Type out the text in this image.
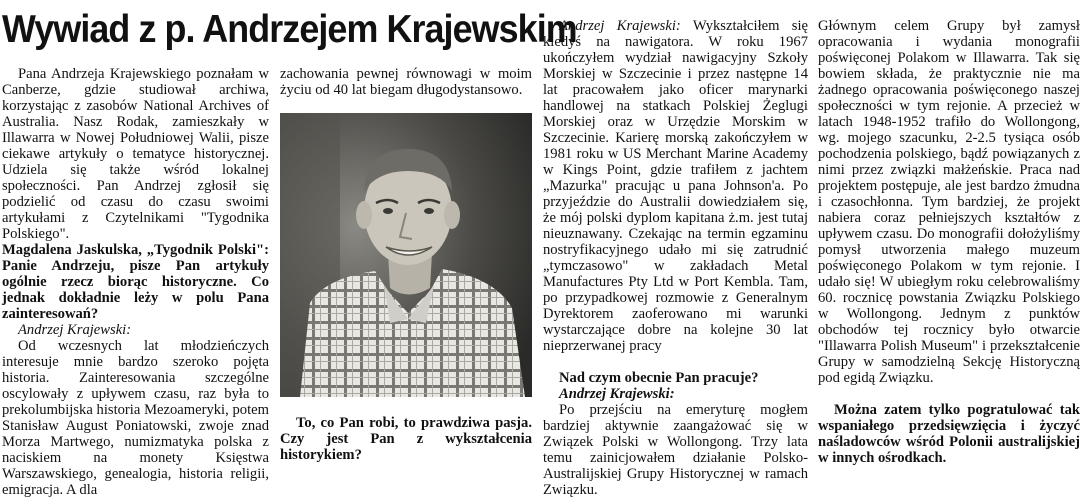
Wywiad z p. Andrzejem Krajewskim

Pana Andrzeja Krajewskiego poznałam w Canberze, gdzie studiował archiwa, korzystając z zasobów National Archives of Australia. Nasz Rodak, zamieszkały w Illawarra w Nowej Południowej Walii, pisze ciekawe artykuły o tematyce historycznej. Udziela się także wśród lokalnej społeczności. Pan Andrzej zgłosił się podzielić od czasu do czasu swoimi artykułami z Czytelnikami "Tygodnika Polskiego".

Magdalena Jaskulska, „Tygodnik Polski": Panie Andrzeju, pisze Pan artykuły ogólnie rzecz biorąc historyczne. Co jednak dokładnie leży w polu Pana zainteresowań?

Andrzej Krajewski:

Od wczesnych lat młodzieńczych interesuje mnie bardzo szeroko pojęta historia. Zainteresowania szczególne oscylowały z upływem czasu, raz była to prekolumbijska historia Mezoameryki, potem Stanisław August Poniatowski, zwoje znad Morza Martwego, numizmatyka polska z naciskiem na monety Księstwa Warszawskiego, genealogia, historia religii, emigracja. A dla

zachowania pewnej równowagi w moim życiu od 40 lat biegam długodystansowo.

To, co Pan robi, to prawdziwa pasja. Czy jest Pan z wykształcenia historykiem?

Andrzej Krajewski: Wykształciłem się kiedyś na nawigatora. W roku 1967 ukończyłem wydział nawigacyjny Szkoły Morskiej w Szczecinie i przez następne 14 lat pracowałem jako oficer marynarki handlowej na statkach Polskiej Żeglugi Morskiej oraz w Urzędzie Morskim w Szczecinie. Karierę morską zakończyłem w 1981 roku w US Merchant Marine Academy w Kings Point, gdzie trafiłem z jachtem „Mazurka" pracując u pana Johnson'a. Po przyjeździe do Australii dowiedziałem się, że mój polski dyplom kapitana ż.m. jest tutaj nieuznawany. Czekając na termin egzaminu nostryfikacyjnego udało mi się zatrudnić „tymczasowo" w zakładach Metal Manufactures Pty Ltd w Port Kembla. Tam, po przypadkowej rozmowie z Generalnym Dyrektorem zaoferowano mi warunki wystarczające dobre na kolejne 30 lat nieprzerwanej pracy

Nad czym obecnie Pan pracuje?

Andrzej Krajewski:

Po przejściu na emeryturę mogłem bardziej aktywnie zaangażować się w Związek Polski w Wollongong. Trzy lata temu zainicjowałem działanie Polsko-Australijskiej Grupy Historycznej w ramach Związku.

Głównym celem Grupy był zamysł opracowania i wydania monografii poświęconej Polakom w Illawarra. Tak się bowiem składa, że praktycznie nie ma żadnego opracowania poświęconego naszej społeczności w tym rejonie. A przecież w latach 1948-1952 trafiło do Wollongong, wg. mojego szacunku, 2-2.5 tysiąca osób pochodzenia polskiego, bądź powiązanych z nimi przez związki małżeńskie. Praca nad projektem postępuje, ale jest bardzo żmudna i czasochłonna. Tym bardziej, że projekt nabiera coraz pełniejszych kształtów z upływem czasu. Do monografii dołożyliśmy pomysł utworzenia małego muzeum poświęconego Polakom w tym rejonie. I udało się! W ubiegłym roku celebrowaliśmy 60. rocznicę powstania Związku Polskiego w Wollongong. Jednym z punktów obchodów tej rocznicy było otwarcie "Illawarra Polish Museum" i przekształcenie Grupy w samodzielną Sekcję Historyczną pod egidą Związku.

Można zatem tylko pogratulować tak wspaniałego przedsięwzięcia i życzyć naśladowców wśród Polonii australijskiej w innych ośrodkach.
